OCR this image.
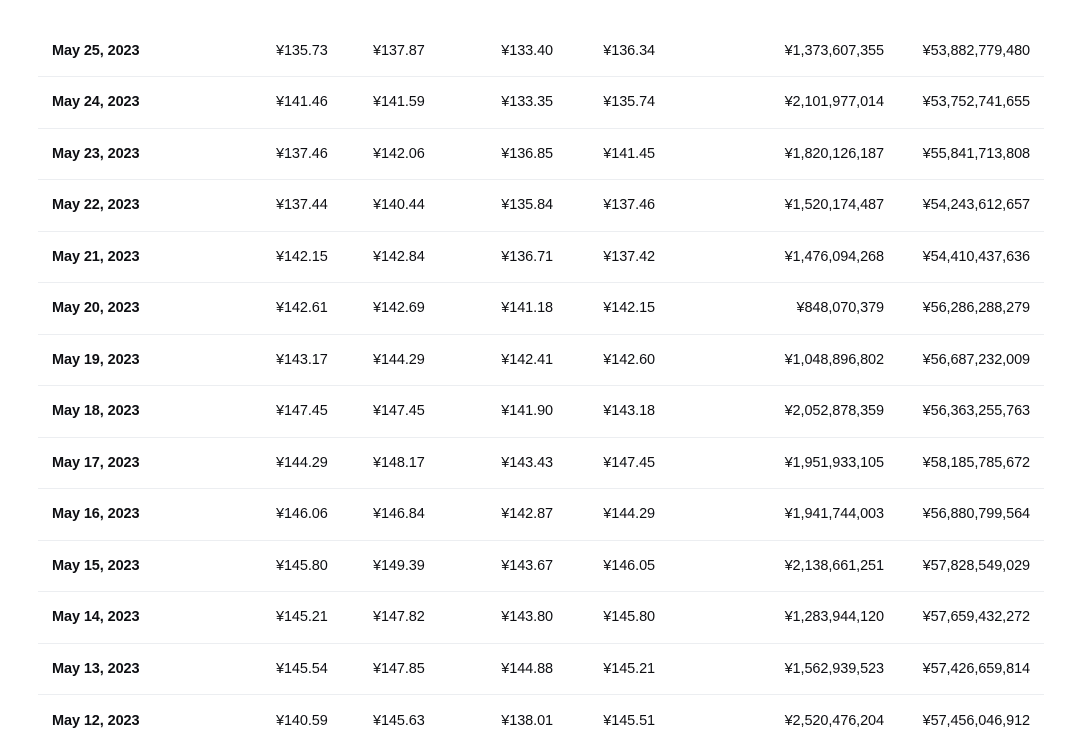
May 25, 2023	¥135.73	¥137.87	¥133.40	¥136.34	¥1,373,607,355	¥53,882,779,480
May 24, 2023	¥141.46	¥141.59	¥133.35	¥135.74	¥2,101,977,014	¥53,752,741,655
May 23, 2023	¥137.46	¥142.06	¥136.85	¥141.45	¥1,820,126,187	¥55,841,713,808
May 22, 2023	¥137.44	¥140.44	¥135.84	¥137.46	¥1,520,174,487	¥54,243,612,657
May 21, 2023	¥142.15	¥142.84	¥136.71	¥137.42	¥1,476,094,268	¥54,410,437,636
May 20, 2023	¥142.61	¥142.69	¥141.18	¥142.15	¥848,070,379	¥56,286,288,279
May 19, 2023	¥143.17	¥144.29	¥142.41	¥142.60	¥1,048,896,802	¥56,687,232,009
May 18, 2023	¥147.45	¥147.45	¥141.90	¥143.18	¥2,052,878,359	¥56,363,255,763
May 17, 2023	¥144.29	¥148.17	¥143.43	¥147.45	¥1,951,933,105	¥58,185,785,672
May 16, 2023	¥146.06	¥146.84	¥142.87	¥144.29	¥1,941,744,003	¥56,880,799,564
May 15, 2023	¥145.80	¥149.39	¥143.67	¥146.05	¥2,138,661,251	¥57,828,549,029
May 14, 2023	¥145.21	¥147.82	¥143.80	¥145.80	¥1,283,944,120	¥57,659,432,272
May 13, 2023	¥145.54	¥147.85	¥144.88	¥145.21	¥1,562,939,523	¥57,426,659,814
May 12, 2023	¥140.59	¥145.63	¥138.01	¥145.51	¥2,520,476,204	¥57,456,046,912
